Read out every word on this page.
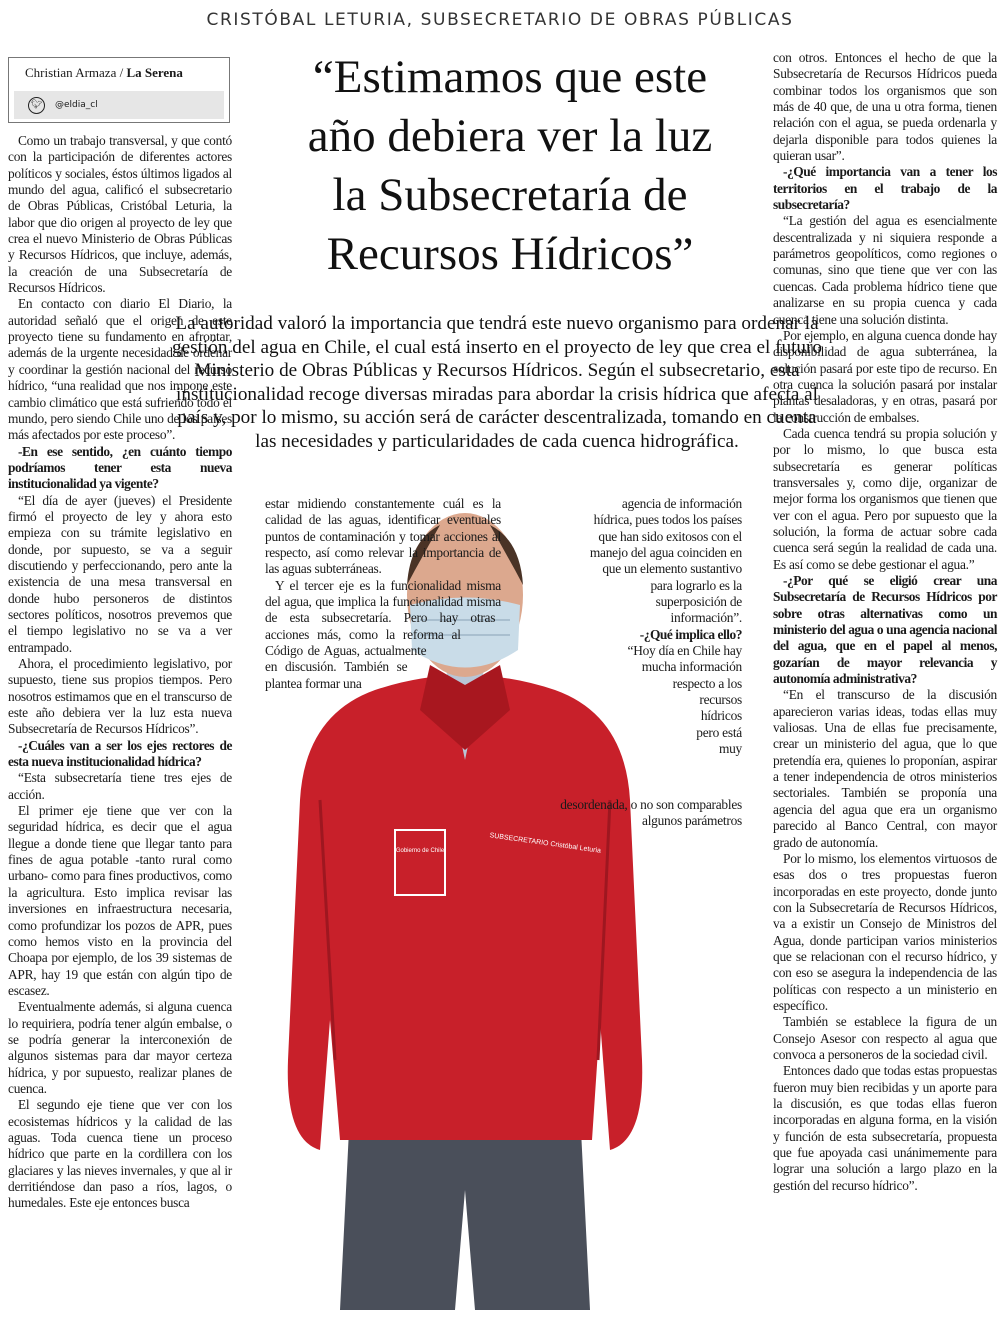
CRISTÓBAL LETURIA, SUBSECRETARIO DE OBRAS PÚBLICAS
Christian Armaza / La Serena
🐦︎	@eldia_cl
“Estimamos que este
año debiera ver la luz
la Subsecretaría de
Recursos Hídricos”
La autoridad valoró la importancia que tendrá este nuevo organismo para ordenar la gestión del agua en Chile, el cual está inserto en el proyecto de ley que crea el futuro Ministerio de Obras Públicas y Recursos Hídricos. Según el subsecretario, esta institucionalidad recoge diversas miradas para abordar la crisis hídrica que afecta al país y, por lo mismo, su acción será de carácter descentralizada, tomando en cuenta las necesidades y particularidades de cada cuenca hidrográfica.

Como un trabajo transversal, y que contó con la participación de diferentes actores políticos y sociales, éstos últimos ligados al mundo del agua, calificó el subsecretario de Obras Públicas, Cristóbal Leturia, la labor que dio origen al proyecto de ley que crea el nuevo Ministerio de Obras Públicas y Recursos Hídricos, que incluye, además, la creación de una Subsecretaría de Recursos Hídricos.

En contacto con diario El Diario, la autoridad señaló que el origen de este proyecto tiene su fundamento en afrontar, además de la urgente necesidad de ordenar y coordinar la gestión nacional del recurso hídrico, “una realidad que nos impone este cambio climático que está sufriendo todo el mundo, pero siendo Chile uno de los países más afectados por este proceso”.

-En ese sentido, ¿en cuánto tiempo podríamos tener esta nueva institucionalidad ya vigente?

“El día de ayer (jueves) el Presidente firmó el proyecto de ley y ahora esto empieza con su trámite legislativo en donde, por supuesto, se va a seguir discutiendo y perfeccionando, pero ante la existencia de una mesa transversal en donde hubo personeros de distintos sectores políticos, nosotros prevemos que el tiempo legislativo no se va a ver entrampado.

Ahora, el procedimiento legislativo, por supuesto, tiene sus propios tiempos. Pero nosotros estimamos que en el transcurso de este año debiera ver la luz esta nueva Subsecretaría de Recursos Hídricos”.

-¿Cuáles van a ser los ejes rectores de esta nueva institucionalidad hídrica?

“Esta subsecretaría tiene tres ejes de acción.

El primer eje tiene que ver con la seguridad hídrica, es decir que el agua llegue a donde tiene que llegar tanto para fines de agua potable -tanto rural como urbano- como para fines productivos, como la agricultura. Esto implica revisar las inversiones en infraestructura necesaria, como profundizar los pozos de APR, pues como hemos visto en la provincia del Choapa por ejemplo, de los 39 sistemas de APR, hay 19 que están con algún tipo de escasez.

Eventualmente además, si alguna cuenca lo requiriera, podría tener algún embalse, o se podría generar la interconexión de algunos sistemas para dar mayor certeza hídrica, y por supuesto, realizar planes de cuenca.

El segundo eje tiene que ver con los ecosistemas hídricos y la calidad de las aguas. Toda cuenca tiene un proceso hídrico que parte en la cordillera con los glaciares y las nieves invernales, y que al ir derritiéndose dan paso a ríos, lagos, o humedales. Este eje entonces busca

con otros. Entonces el hecho de que la Subsecretaría de Recursos Hídricos pueda combinar todos los organismos que son más de 40 que, de una u otra forma, tienen relación con el agua, se pueda ordenarla y dejarla disponible para todos quienes la quieran usar”.

-¿Qué importancia van a tener los territorios en el trabajo de la subsecretaría?

“La gestión del agua es esencialmente descentralizada y ni siquiera responde a parámetros geopolíticos, como regiones o comunas, sino que tiene que ver con las cuencas. Cada problema hídrico tiene que analizarse en su propia cuenca y cada cuenca tiene una solución distinta.

Por ejemplo, en alguna cuenca donde hay disponibilidad de agua subterránea, la solución pasará por este tipo de recurso. En otra cuenca la solución pasará por instalar plantas desaladoras, y en otras, pasará por la construcción de embalses.

Cada cuenca tendrá su propia solución y por lo mismo, lo que busca esta subsecretaría es generar políticas transversales y, como dije, organizar de mejor forma los organismos que tienen que ver con el agua. Pero por supuesto que la solución, la forma de actuar sobre cada cuenca será según la realidad de cada una. Es así como se debe gestionar el agua.”

-¿Por qué se eligió crear una Subsecretaría de Recursos Hídricos por sobre otras alternativas como un ministerio del agua o una agencia nacional del agua, que en el papel al menos, gozarían de mayor relevancia y autonomía administrativa?

“En el transcurso de la discusión aparecieron varias ideas, todas ellas muy valiosas. Una de ellas fue precisamente, crear un ministerio del agua, que lo que pretendía era, quienes lo proponían, aspirar a tener independencia de otros ministerios sectoriales. También se proponía una agencia del agua que era un organismo parecido al Banco Central, con mayor grado de autonomía.

Por lo mismo, los elementos virtuosos de esas dos o tres propuestas fueron incorporadas en este proyecto, donde junto con la Subsecretaría de Recursos Hídricos, va a existir un Consejo de Ministros del Agua, donde participan varios ministerios que se relacionan con el recurso hídrico, y con eso se asegura la independencia de las políticas con respecto a un ministerio en específico.

También se establece la figura de un Consejo Asesor con respecto al agua que convoca a personeros de la sociedad civil.

Entonces dado que todas estas propuestas fueron muy bien recibidas y un aporte para la discusión, es que todas ellas fueron incorporadas en alguna forma, en la visión y función de esta subsecretaría, propuesta que fue apoyada casi unánimemente para lograr una solución a largo plazo en la gestión del recurso hídrico”.

Gobierno de Chile	SUBSECRETARIO Cristóbal Leturia

estar midiendo constantemente cuál es la calidad de las aguas, identificar eventuales puntos de contaminación y tomar acciones al respecto, así como relevar la importancia de las aguas subterráneas.

Y el tercer eje es la funcionalidad misma del agua, que implica la funcionalidad misma de esta subsecretaría. Pero hay otras acciones más, como la reforma al Código de Aguas, actualmente en discusión. También se plantea formar una

agencia de información hídrica, pues todos los países que han sido exitosos con el manejo del agua coinciden en que un elemento sustantivo para lograrlo es la superposición de información”.

-¿Qué implica ello?

“Hoy día en Chile hay mucha información respecto a los recursos hídricos pero está muy desordenada, o no son comparables algunos parámetros
